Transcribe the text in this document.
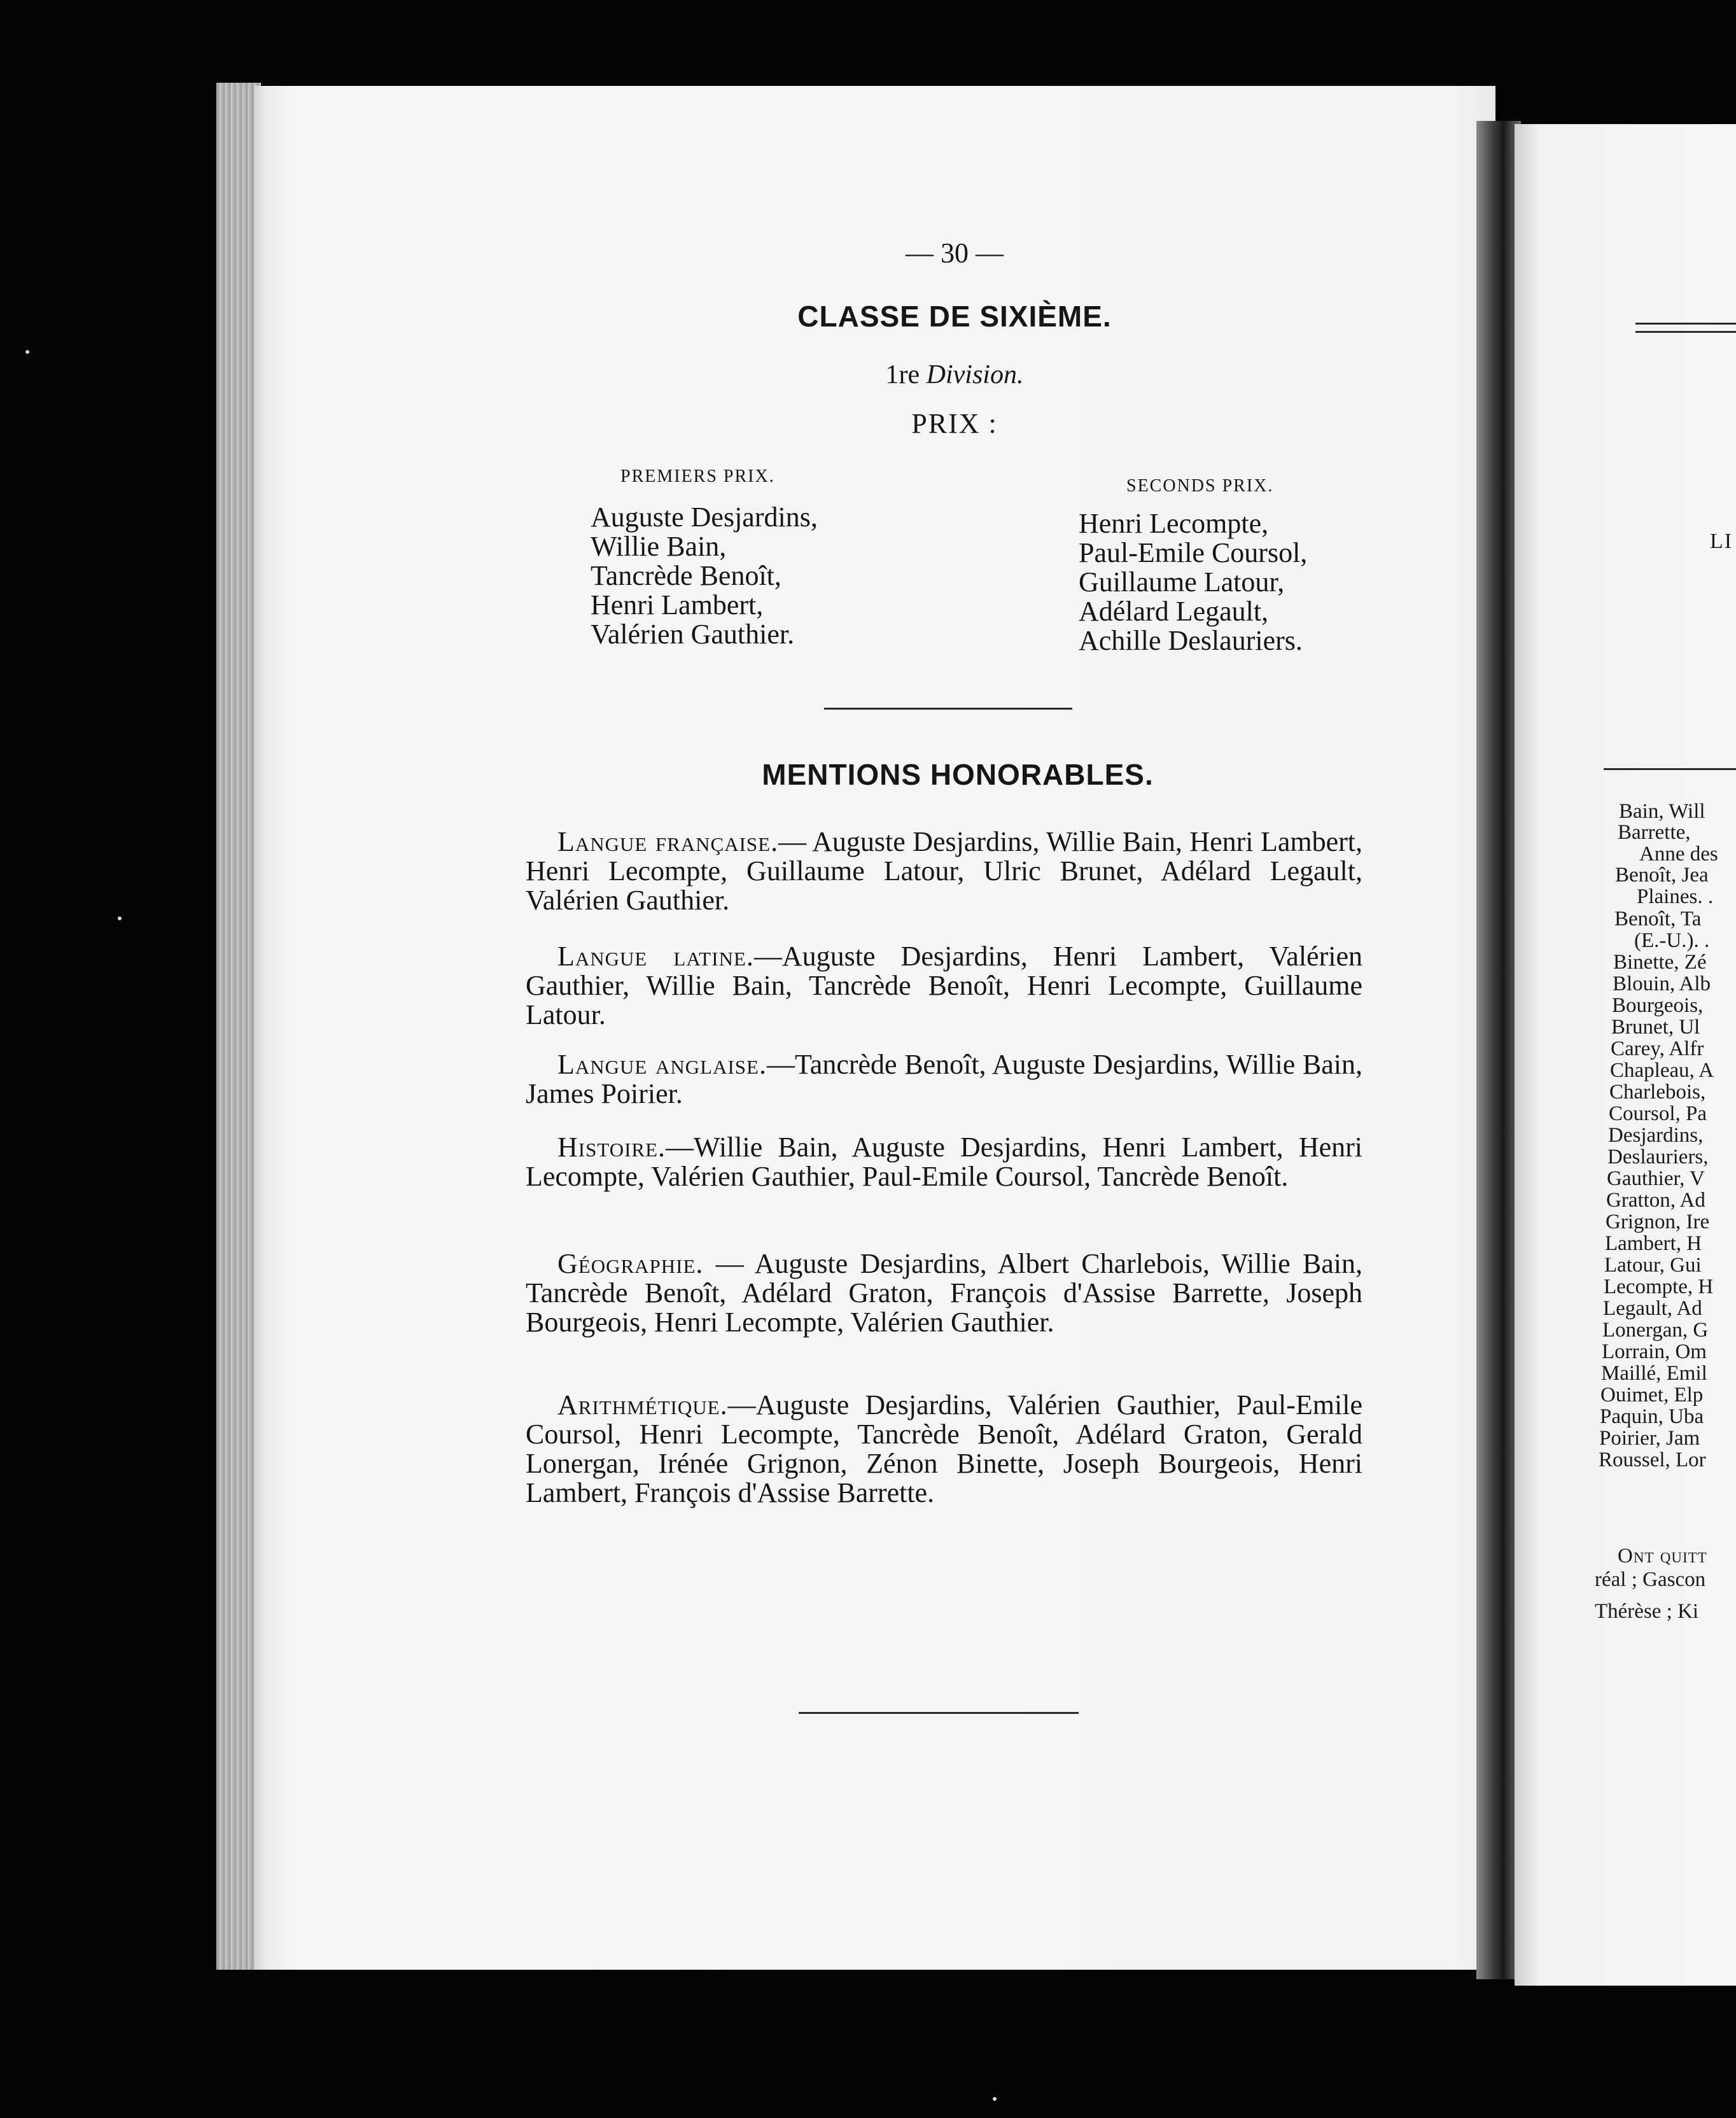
— 30 —
CLASSE DE SIXIÈME.
1re Division.
PRIX :
PREMIERS PRIX.
Auguste Desjardins,
Willie Bain,
Tancrède Benoît,
Henri Lambert,
Valérien Gauthier.
SECONDS PRIX.
Henri Lecompte,
Paul-Emile Coursol,
Guillaume Latour,
Adélard Legault,
Achille Deslauriers.
MENTIONS HONORABLES.
Langue française.— Auguste Desjardins, Willie Bain, Henri Lambert, Henri Lecompte, Guillaume Latour, Ulric Brunet, Adélard Legault, Valérien Gauthier.
Langue latine.—Auguste Desjardins, Henri Lambert, Valérien Gauthier, Willie Bain, Tancrède Benoît, Henri Lecompte, Guillaume Latour.
Langue anglaise.—Tancrède Benoît, Auguste Desjardins, Willie Bain, James Poirier.
Histoire.—Willie Bain, Auguste Desjardins, Henri Lambert, Henri Lecompte, Valérien Gauthier, Paul-Emile Coursol, Tancrède Benoît.
Géographie. — Auguste Desjardins, Albert Charlebois, Willie Bain, Tancrède Benoît, Adélard Graton, François d'Assise Barrette, Joseph Bourgeois, Henri Lecompte, Valérien Gauthier.
Arithmétique.—Auguste Desjardins, Valérien Gauthier, Paul-Emile Coursol, Henri Lecompte, Tancrède Benoît, Adélard Graton, Gerald Lonergan, Irénée Grignon, Zénon Binette, Joseph Bourgeois, Henri Lambert, François d'Assise Barrette.
LI
Bain, Will
Barrette,
Anne des
Benoît, Jea
Plaines. .
Benoît, Ta
(E.-U.). .
Binette, Zé
Blouin, Alb
Bourgeois,
Brunet, Ul
Carey, Alfr
Chapleau, A
Charlebois,
Coursol, Pa
Desjardins,
Deslauriers,
Gauthier, V
Gratton, Ad
Grignon, Ire
Lambert, H
Latour, Gui
Lecompte, H
Legault, Ad
Lonergan, G
Lorrain, Om
Maillé, Emil
Ouimet, Elp
Paquin, Uba
Poirier, Jam
Roussel, Lor
Ont quitt
réal ; Gascon
Thérèse ; Ki
